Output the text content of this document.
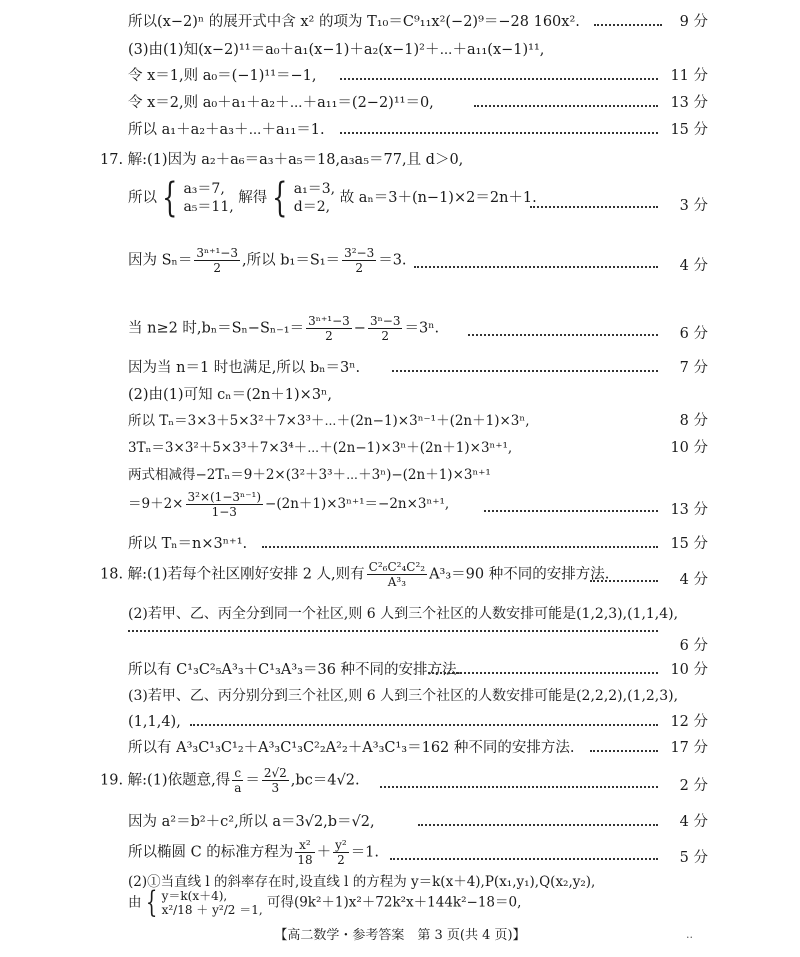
所以(x−2)ⁿ 的展开式中含 x² 的项为 T₁₀＝C⁹₁₁x²(−2)⁹＝−28 160x².	9 分
(3)由(1)知(x−2)¹¹＝a₀＋a₁(x−1)＋a₂(x−1)²＋⋯＋a₁₁(x−1)¹¹,
令 x＝1,则 a₀＝(−1)¹¹＝−1,	11 分
令 x＝2,则 a₀＋a₁＋a₂＋⋯＋a₁₁＝(2−2)¹¹＝0,	13 分
所以 a₁＋a₂＋a₃＋⋯＋a₁₁＝1.	15 分
17. 解:(1)因为 a₂＋a₆＝a₃＋a₅＝18,a₃a₅＝77,且 d＞0,
所以 { a₃＝7,
a₅＝11,
解得 { a₁＝3,
d＝2,
故 aₙ＝3＋(n−1)×2＝2n＋1.	3 分
因为 $S_n= \frac{\text{3ⁿ⁺¹−3}}{2}$ ,所以 $b_1=S_1= \frac{\text{3²−3}}{2} =3$.	4 分
当 n≥2 时$,b_n=S_n-S_{n-1}= \frac{\text{3ⁿ⁺¹−3}}{2} - \frac{\text{3ⁿ−3}}{2} =3^n$.	6 分
因为当 n＝1 时也满足,所以 bₙ＝3ⁿ.	7 分
(2)由(1)可知 cₙ＝(2n＋1)×3ⁿ,
所以 Tₙ＝3×3＋5×3²＋7×3³＋⋯＋(2n−1)×3ⁿ⁻¹＋(2n＋1)×3ⁿ,	8 分
3Tₙ＝3×3²＋5×3³＋7×3⁴＋⋯＋(2n−1)×3ⁿ＋(2n＋1)×3ⁿ⁺¹,	10 分
两式相减得−2Tₙ＝9＋2×(3²＋3³＋⋯＋3ⁿ)−(2n＋1)×3ⁿ⁺¹
$=9+2\times \frac{\text{3²×(1−3ⁿ⁻¹)}}{1-3} -(2n+1)\times 3^{n+1}=-2n\times 3^{n+1}$,	13 分
所以 Tₙ＝n×3ⁿ⁺¹.	15 分
18. 解:(1)若每个社区刚好安排 2 人,则有 $\frac{\text{C²₆C²₄C²₂}}{\text{A³₃}} A^3_3=90$ 种不同的安排方法.	4 分
(2)若甲、乙、丙全分到同一个社区,则 6 人到三个社区的人数安排可能是(1,2,3),(1,1,4),
6 分
所以有 C¹₃C²₅A³₃＋C¹₃A³₃＝36 种不同的安排方法.	10 分
(3)若甲、乙、丙分别分到三个社区,则 6 人到三个社区的人数安排可能是(2,2,2),(1,2,3),
(1,1,4),	12 分
所以有 A³₃C¹₃C¹₂＋A³₃C¹₃C²₂A²₂＋A³₃C¹₃＝162 种不同的安排方法.	17 分
19. 解:(1)依题意,得 $\frac{c}{a} = \frac{2√2}{3} ,bc=4√2$.	2 分
因为 a²＝b²＋c²,所以 a＝3√2,b＝√2,	4 分
所以椭圆 C 的标准方程为 $\frac{\text{x²}}{18} + \frac{\text{y²}}{2} =1$.	5 分
(2)①当直线 l 的斜率存在时,设直线 l 的方程为 y＝k(x＋4),P(x₁,y₁),Q(x₂,y₂),
由 { y＝k(x＋4),
x²/18 ＋ y²/2 ＝1, 可得(9k²＋1)x²＋72k²x＋144k²−18＝0,
【高二数学・参考答案　第 3 页(共 4 页)】	..
